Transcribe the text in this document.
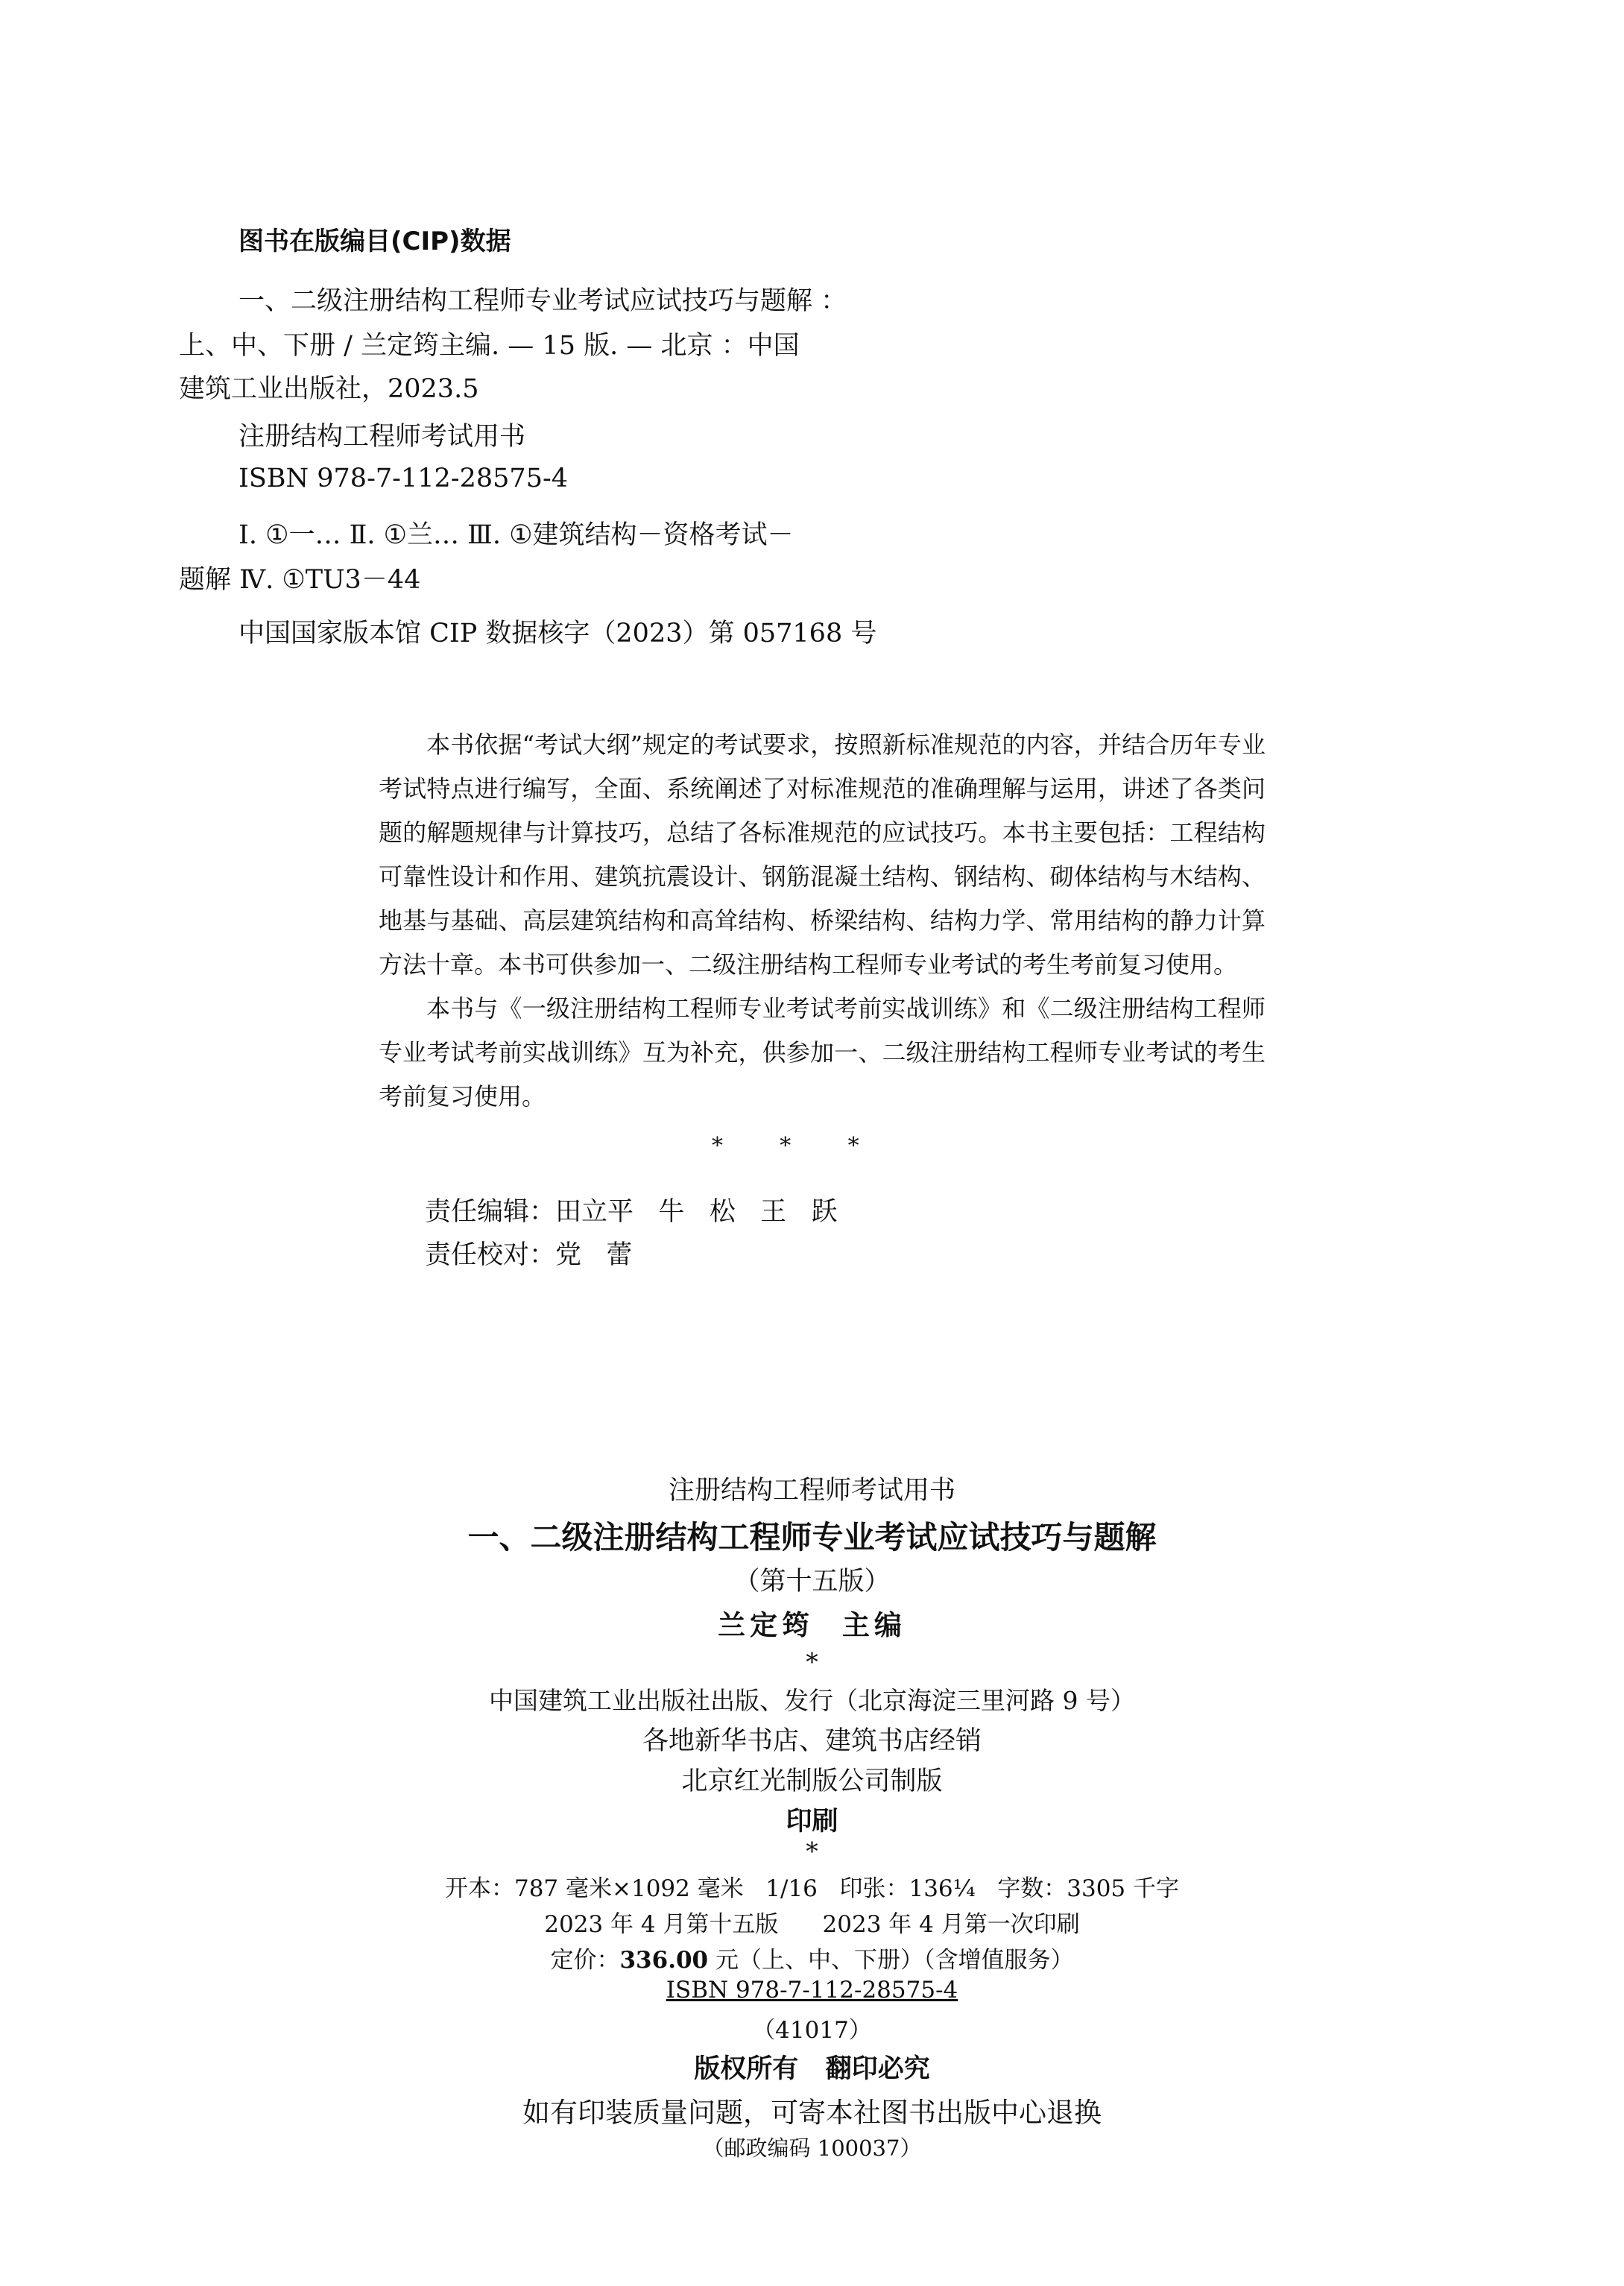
图书在版编目(CIP)数据
一、二级注册结构工程师专业考试应试技巧与题解 ：
上、中、下册 / 兰定筠主编. — 15 版. — 北京 ：中国
建筑工业出版社，2023.5
注册结构工程师考试用书
ISBN 978-7-112-28575-4
Ⅰ. ①一… Ⅱ. ①兰… Ⅲ. ①建筑结构－资格考试－
题解 Ⅳ. ①TU3－44
中国国家版本馆 CIP 数据核字（2023）第 057168 号

本书依据“考试大纲”规定的考试要求，按照新标准规范的内容，并结合历年专业考试特点进行编写，全面、系统阐述了对标准规范的准确理解与运用，讲述了各类问题的解题规律与计算技巧，总结了各标准规范的应试技巧。本书主要包括：工程结构可靠性设计和作用、建筑抗震设计、钢筋混凝土结构、钢结构、砌体结构与木结构、地基与基础、高层建筑结构和高耸结构、桥梁结构、结构力学、常用结构的静力计算方法十章。本书可供参加一、二级注册结构工程师专业考试的考生考前复习使用。

本书与《一级注册结构工程师专业考试考前实战训练》和《二级注册结构工程师专业考试考前实战训练》互为补充，供参加一、二级注册结构工程师专业考试的考生考前复习使用。

*        *        *
责任编辑：田立平   牛   松   王   跃
责任校对：党   蕾
注册结构工程师考试用书
一、二级注册结构工程师专业考试应试技巧与题解
（第十五版）
兰定筠  主编
*
中国建筑工业出版社出版、发行（北京海淀三里河路 9 号）
各地新华书店、建筑书店经销
北京红光制版公司制版
印刷
*
开本：787 毫米×1092 毫米   1/16   印张：136¼   字数：3305 千字
2023 年 4 月第十五版      2023 年 4 月第一次印刷
定价：336.00 元（上、中、下册）（含增值服务）
ISBN 978-7-112-28575-4
（41017）
版权所有   翻印必究
如有印装质量问题，可寄本社图书出版中心退换
（邮政编码 100037）
